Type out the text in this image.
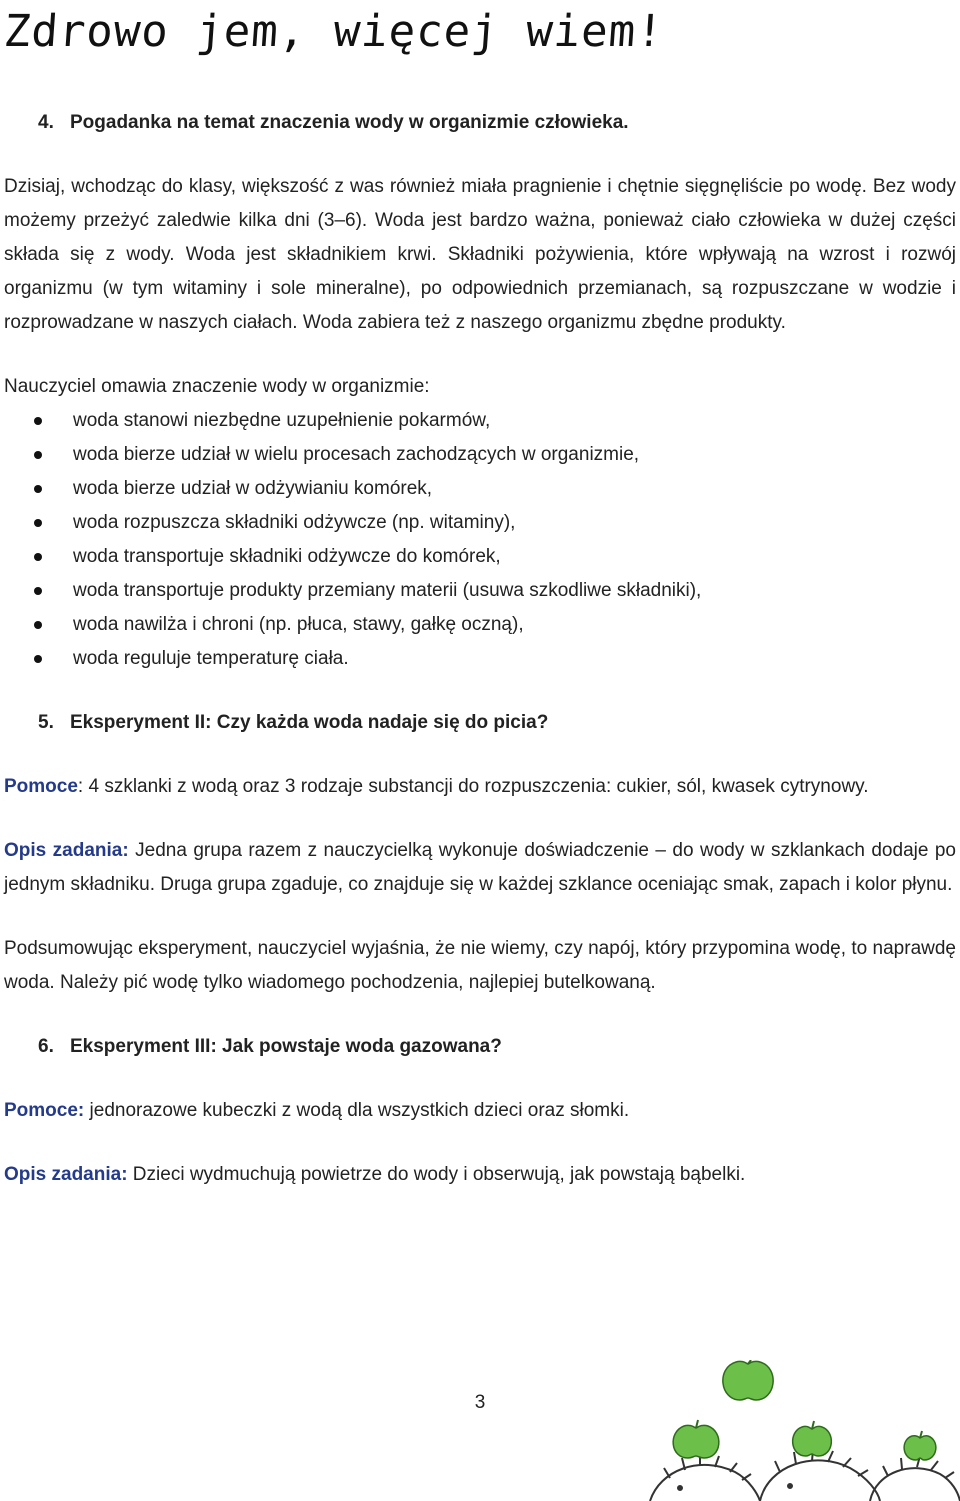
Zdrowo jem, więcej wiem!
4. Pogadanka na temat znaczenia wody w organizmie człowieka.

Dzisiaj, wchodząc do klasy, większość z was również miała pragnienie i chętnie sięgnęliście po wodę. Bez wody możemy przeżyć zaledwie kilka dni (3–6). Woda jest bardzo ważna, ponieważ ciało człowieka w dużej części składa się z wody. Woda jest składnikiem krwi. Składniki pożywienia, które wpływają na wzrost i rozwój organizmu (w tym witaminy i sole mineralne), po odpowiednich przemianach, są rozpuszczane w wodzie i rozprowadzane w naszych ciałach. Woda zabiera też z naszego organizmu zbędne produkty.

Nauczyciel omawia znaczenie wody w organizmie:

woda stanowi niezbędne uzupełnienie pokarmów,
woda bierze udział w wielu procesach zachodzących w organizmie,
woda bierze udział w odżywianiu komórek,
woda rozpuszcza składniki odżywcze (np. witaminy),
woda transportuje składniki odżywcze do komórek,
woda transportuje produkty przemiany materii (usuwa szkodliwe składniki),
woda nawilża i chroni (np. płuca, stawy, gałkę oczną),
woda reguluje temperaturę ciała.
5. Eksperyment II: Czy każda woda nadaje się do picia?

Pomoce: 4 szklanki z wodą oraz 3 rodzaje substancji do rozpuszczenia: cukier, sól, kwasek cytrynowy.

Opis zadania: Jedna grupa razem z nauczycielką wykonuje doświadczenie – do wody w szklankach dodaje po jednym składniku. Druga grupa zgaduje, co znajduje się w każdej szklance oceniając smak, zapach i kolor płynu.

Podsumowując eksperyment, nauczyciel wyjaśnia, że nie wiemy, czy napój, który przypomina wodę, to naprawdę woda. Należy pić wodę tylko wiadomego pochodzenia, najlepiej butelkowaną.

6. Eksperyment III: Jak powstaje woda gazowana?

Pomoce: jednorazowe kubeczki z wodą dla wszystkich dzieci oraz słomki.

Opis zadania: Dzieci wydmuchują powietrze do wody i obserwują, jak powstają bąbelki.

3
